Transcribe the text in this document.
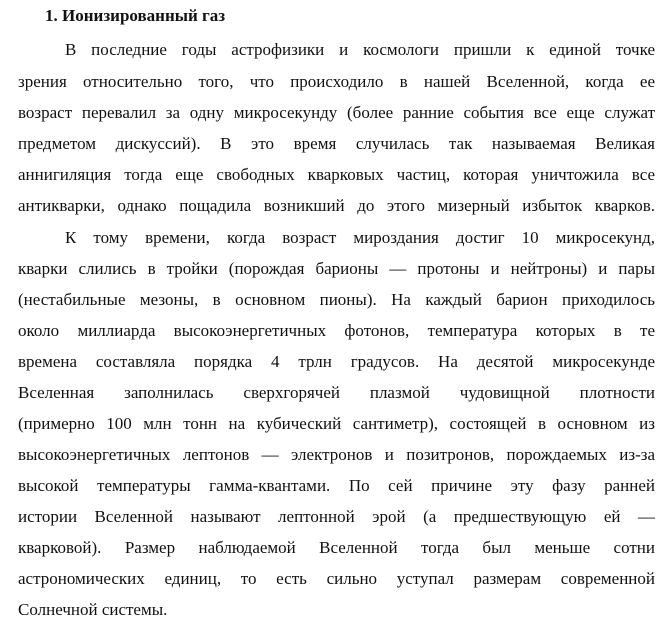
1. Ионизированный газ
В последние годы астрофизики и космологи пришли к единой точке
зрения относительно того, что происходило в нашей Вселенной, когда ее
возраст перевалил за одну микросекунду (более ранние события все еще служат
предметом дискуссий). В это время случилась так называемая Великая
аннигиляция тогда еще свободных кварковых частиц, которая уничтожила все
антикварки, однако пощадила возникший до этого мизерный избыток кварков.
К тому времени, когда возраст мироздания достиг 10 микросекунд,
кварки слились в тройки (порождая барионы — протоны и нейтроны) и пары
(нестабильные мезоны, в основном пионы). На каждый барион приходилось
около миллиарда высокоэнергетичных фотонов, температура которых в те
времена составляла порядка 4 трлн градусов. На десятой микросекунде
Вселенная заполнилась сверхгорячей плазмой чудовищной плотности
(примерно 100 млн тонн на кубический сантиметр), состоящей в основном из
высокоэнергетичных лептонов — электронов и позитронов, порождаемых из-за
высокой температуры гамма-квантами. По сей причине эту фазу ранней
истории Вселенной называют лептонной эрой (а предшествующую ей —
кварковой). Размер наблюдаемой Вселенной тогда был меньше сотни
астрономических единиц, то есть сильно уступал размерам современной
Солнечной системы.
